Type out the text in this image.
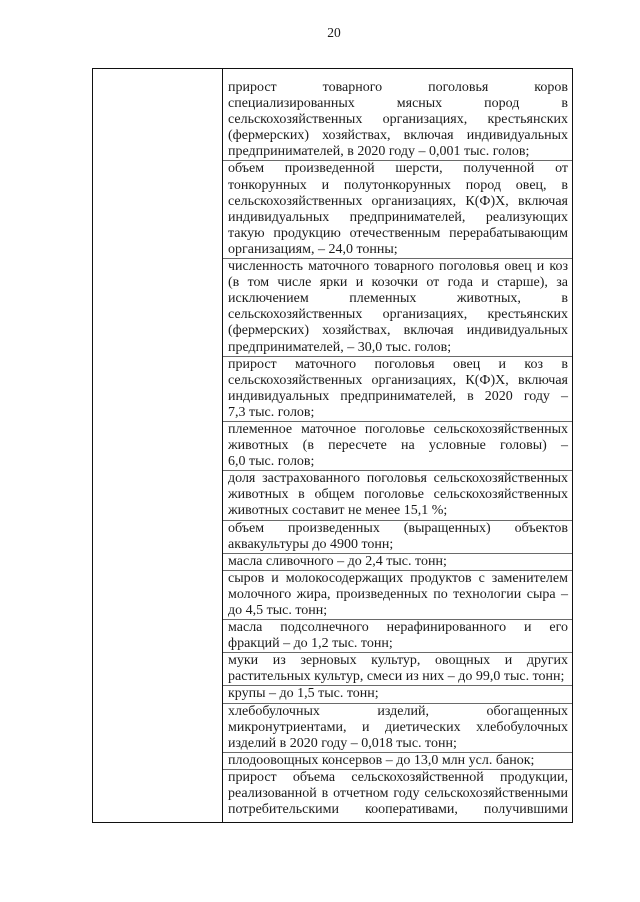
20
прирост товарного поголовья коров
специализированных мясных пород в
сельскохозяйственных организациях, крестьянских
(фермерских) хозяйствах, включая индивидуальных
предпринимателей, в 2020 году – 0,001 тыс. голов;
объем произведенной шерсти, полученной от
тонкорунных и полутонкорунных пород овец, в
сельскохозяйственных организациях, К(Ф)Х, включая
индивидуальных предпринимателей, реализующих
такую продукцию отечественным перерабатывающим
организациям, – 24,0 тонны;
численность маточного товарного поголовья овец и коз
(в том числе ярки и козочки от года и старше), за
исключением племенных животных, в
сельскохозяйственных организациях, крестьянских
(фермерских) хозяйствах, включая индивидуальных
предпринимателей, – 30,0 тыс. голов;
прирост маточного поголовья овец и коз в
сельскохозяйственных организациях, К(Ф)Х, включая
индивидуальных предпринимателей, в 2020 году –
7,3 тыс. голов;
племенное маточное поголовье сельскохозяйственных
животных (в пересчете на условные головы) –
6,0 тыс. голов;
доля застрахованного поголовья сельскохозяйственных
животных в общем поголовье сельскохозяйственных
животных составит не менее 15,1 %;
объем произведенных (выращенных) объектов
аквакультуры до 4900 тонн;
масла сливочного – до 2,4 тыс. тонн;
сыров и молокосодержащих продуктов с заменителем
молочного жира, произведенных по технологии сыра –
до 4,5 тыс. тонн;
масла подсолнечного нерафинированного и его
фракций – до 1,2 тыс. тонн;
муки из зерновых культур, овощных и других
растительных культур, смеси из них – до 99,0 тыс. тонн;
крупы – до 1,5 тыс. тонн;
хлебобулочных изделий, обогащенных
микронутриентами, и диетических хлебобулочных
изделий в 2020 году – 0,018 тыс. тонн;
плодоовощных консервов – до 13,0 млн усл. банок;
прирост объема сельскохозяйственной продукции,
реализованной в отчетном году сельскохозяйственными
потребительскими кооперативами, получившими
